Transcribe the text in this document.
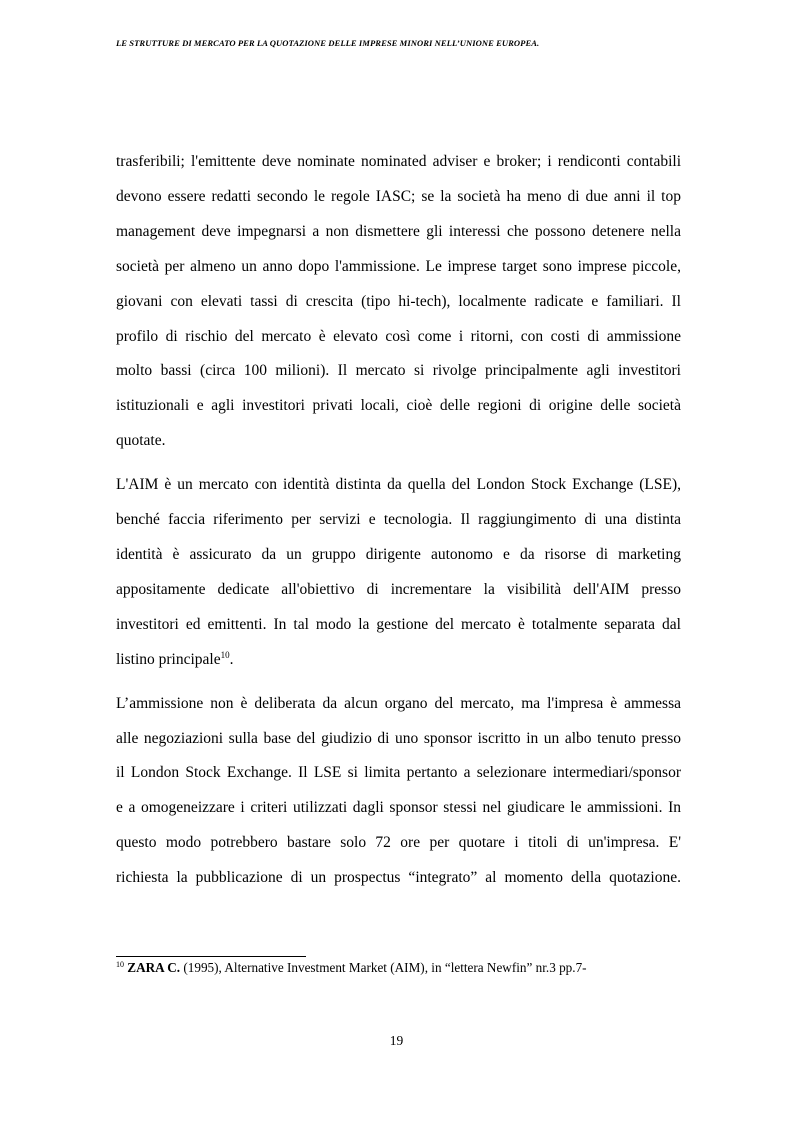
LE STRUTTURE DI MERCATO PER LA QUOTAZIONE DELLE IMPRESE MINORI NELL’UNIONE EUROPEA.
trasferibili; l'emittente deve nominate nominated adviser e broker; i rendiconti contabili
devono essere redatti secondo le regole IASC; se la società ha meno di due anni il top
management deve impegnarsi a non dismettere gli interessi che possono detenere nella
società per almeno un anno dopo l'ammissione. Le imprese target sono imprese piccole,
giovani con elevati tassi di crescita (tipo hi-tech), localmente radicate e familiari. Il
profilo di rischio del mercato è elevato così come i ritorni, con costi di ammissione
molto bassi (circa 100 milioni). Il mercato si rivolge principalmente agli investitori
istituzionali e agli investitori privati locali, cioè delle regioni di origine delle società
quotate.
L'AIM è un mercato con identità distinta da quella del London Stock Exchange (LSE),
benché faccia riferimento per servizi e tecnologia. Il raggiungimento di una distinta
identità è assicurato da un gruppo dirigente autonomo e da risorse di marketing
appositamente dedicate all'obiettivo di incrementare la visibilità dell'AIM presso
investitori ed emittenti. In tal modo la gestione del mercato è totalmente separata dal
listino principale$^{10}$.
L’ammissione non è deliberata da alcun organo del mercato, ma l'impresa è ammessa
alle negoziazioni sulla base del giudizio di uno sponsor iscritto in un albo tenuto presso
il London Stock Exchange. Il LSE si limita pertanto a selezionare intermediari/sponsor
e a omogeneizzare i criteri utilizzati dagli sponsor stessi nel giudicare le ammissioni. In
questo modo potrebbero bastare solo 72 ore per quotare i titoli di un'impresa. E'
richiesta la pubblicazione di un prospectus “integrato” al momento della quotazione.
$^{10}$ ZARA C. (1995), Alternative Investment Market (AIM), in “lettera Newfin” nr.3 pp.7-
19
